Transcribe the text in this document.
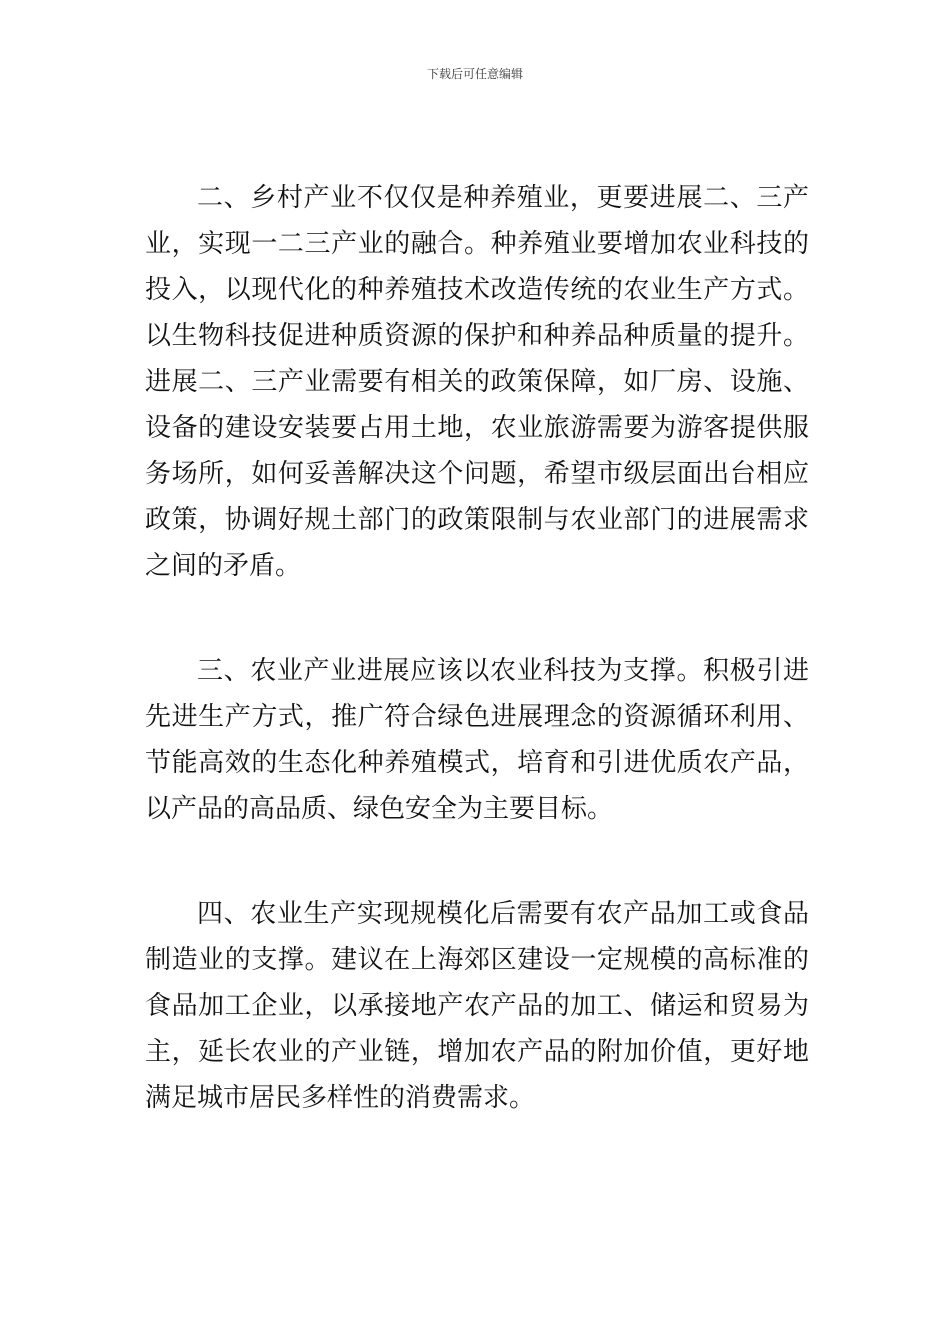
下载后可任意编辑

二、乡村产业不仅仅是种养殖业，更要进展二、三产业，实现一二三产业的融合。种养殖业要增加农业科技的投入，以现代化的种养殖技术改造传统的农业生产方式。以生物科技促进种质资源的保护和种养品种质量的提升。进展二、三产业需要有相关的政策保障，如厂房、设施、设备的建设安装要占用土地，农业旅游需要为游客提供服务场所，如何妥善解决这个问题，希望市级层面出台相应政策，协调好规土部门的政策限制与农业部门的进展需求之间的矛盾。

三、农业产业进展应该以农业科技为支撑。积极引进先进生产方式，推广符合绿色进展理念的资源循环利用、节能高效的生态化种养殖模式，培育和引进优质农产品，以产品的高品质、绿色安全为主要目标。

四、农业生产实现规模化后需要有农产品加工或食品制造业的支撑。建议在上海郊区建设一定规模的高标准的食品加工企业，以承接地产农产品的加工、储运和贸易为主，延长农业的产业链，增加农产品的附加价值，更好地满足城市居民多样性的消费需求。
